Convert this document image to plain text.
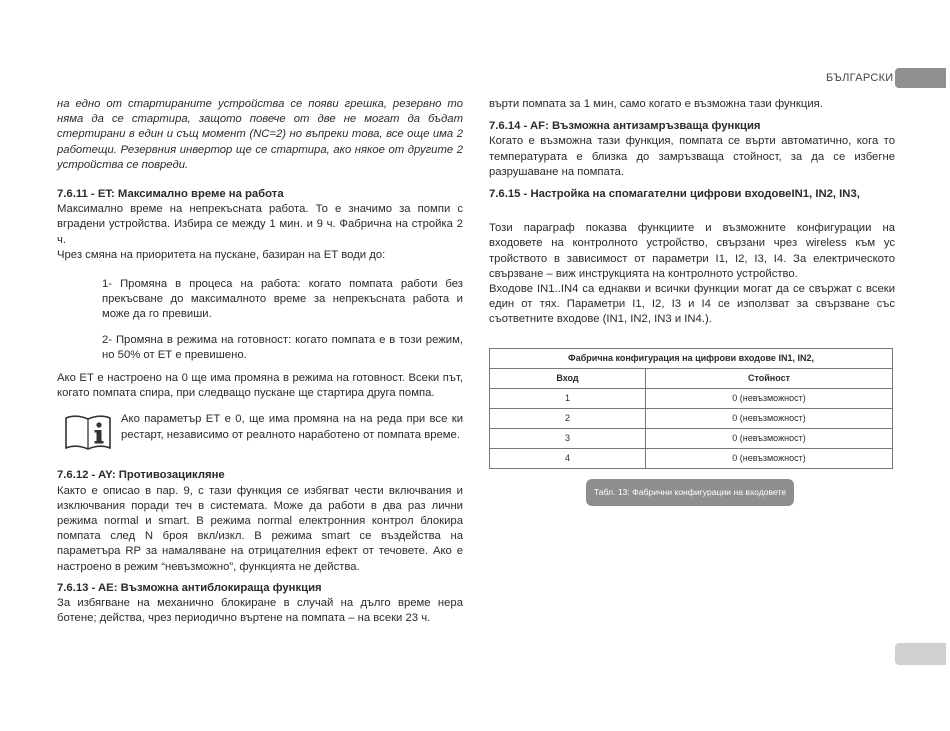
БЪЛГАРСКИ

на едно от стартираните устройства се появи грешка, резервно то няма да се стартира, защото повече от две не могат да бъдат стертирани в един и същ момент (NC=2) но въпреки това, все още има 2 работещи. Резервния инвертор ще се стартира, ако някое от другите 2 устройства се повреди.

7.6.11 - ET: Максимално време на работа

Максимално време на непрекъсната работа. То е значимо за помпи с вградени устройства. Избира се между 1 мин. и 9 ч. Фабрична на стройка 2 ч.

Чрез смяна на приоритета на пускане, базиран на ЕТ води до:

1- Промяна в процеса на работа: когато помпата работи без прекъсване до максималното време за непрекъсната работа и може да го превиши.

2- Промяна в режима на готовност: когато помпата е в този режим, но 50% от ЕТ е превишено.

Ако ЕТ е настроено на 0 ще има промяна в режима на готовност. Всеки път, когато помпата спира, при следващо пускане ще стартира друга помпа.

Ако параметър ЕТ е 0, ще има промяна на на реда при все ки рестарт, независимо от реалното наработено от помпата време.

7.6.12 - AY: Противозацикляне

Както е описао в пар. 9, с тази функция се избягват чести включвания и изключвания поради теч в системата. Може да работи в два раз лични режима normal и smart. В режима normal електронния контрол блокира помпата след N броя вкл/изкл. В режима smart се въздейства на параметъра RP за намаляване на отрицателния ефект от течовете. Ако е настроено в режим “невъзможно”, функцията не действа.

7.6.13 - AE: Възможна антиблокираща функция

За избягване на механично блокиране в случай на дълго време нера ботене; действа, чрез периодично въртене на помпата – на всеки 23 ч.

върти помпата за 1 мин, само когато е възможна тази функция.

7.6.14 - AF: Възможна антизамръзваща функция

Когато е възможна тази функция, помпата се върти автоматично, кога то температурата е близка до замръзваща стойност, за да се избегне разрушаване на помпата.

7.6.15 - Настройка на спомагателни цифрови входовеIN1, IN2, IN3,

Този параграф показва функциите и възможните конфигурации на входовете на контролното устройство, свързани чрез wireless към ус тройството в зависимост от параметри I1, I2, I3, I4. За електрическото свързване – виж инструкцията на контролното устройство.

Входове IN1..IN4 са еднакви и всички функции могат да се свържат с всеки един от тях. Параметри I1, I2, I3 и I4 се използват за свързване със съответните входове (IN1, IN2, IN3 и IN4.).

Фабрична конфигурация на цифрови входове IN1, IN2,	
Вход	Стойност
1	0 (невъзможност)
2	0 (невъзможност)
3	0 (невъзможност)
4	0 (невъзможност)
Табл. 13: Фабрични конфигурации на входовете
